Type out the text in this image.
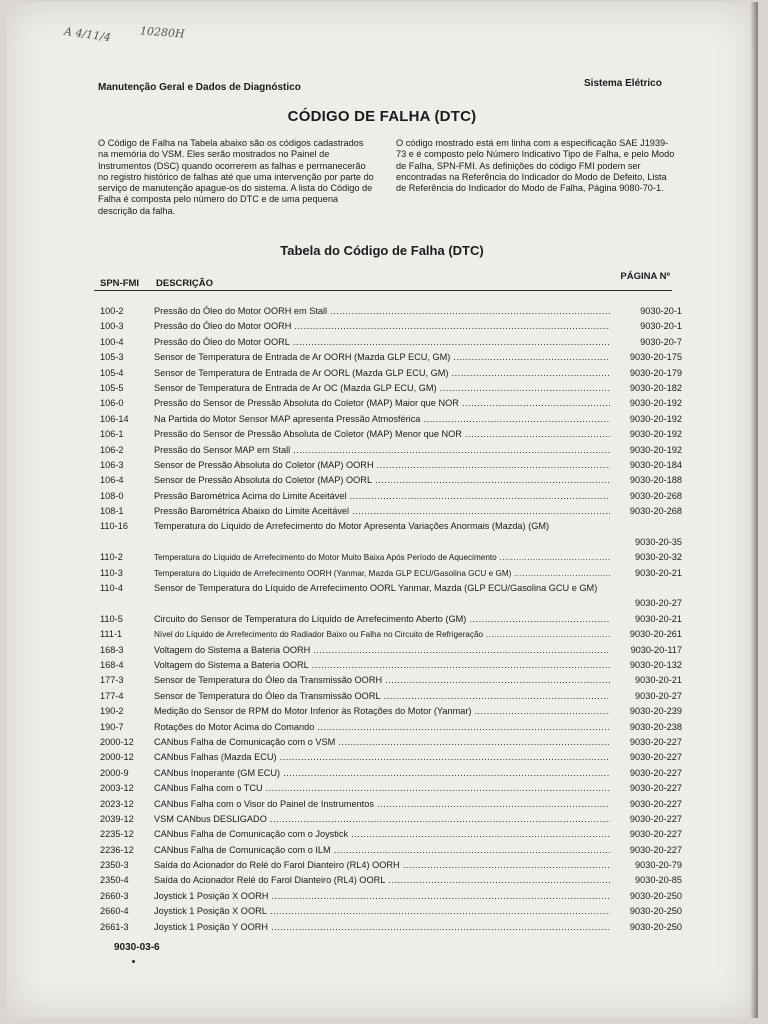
A 4/11/4	10280H
Manutenção Geral e Dados de Diagnóstico	Sistema Elétrico
CÓDIGO DE FALHA (DTC)
O Código de Falha na Tabela abaixo são os códigos cadastrados na memória do VSM. Eles serão mostrados no Painel de Instrumentos (DSC) quando ocorrerem as falhas e permanecerão no registro histórico de falhas até que uma intervenção por parte do serviço de manutenção apague-os do sistema. A lista do Código de Falha é composta pelo número do DTC e de uma pequena descrição da falha.
O código mostrado está em linha com a especificação SAE J1939-73 e é composto pelo Número Indicativo Tipo de Falha, e pelo Modo de Falha, SPN-FMI. As definições do código FMI podem ser encontradas na Referência do Indicador do Modo de Defeito, Lista de Referência do Indicador do Modo de Falha, Página 9080-70-1.
Tabela do Código de Falha (DTC)
SPN-FMI DESCRIÇÃO
PÁGINA Nº
100-2	Pressão do Óleo do Motor OORH em Stall .....	9030-20-1
100-3	Pressão do Óleo do Motor OORH .....	9030-20-1
100-4	Pressão do Óleo do Motor OORL .....	9030-20-7
105-3	Sensor de Temperatura de Entrada de Ar OORH (Mazda GLP ECU, GM) .....	9030-20-175
105-4	Sensor de Temperatura de Entrada de Ar OORL (Mazda GLP ECU, GM) .....	9030-20-179
105-5	Sensor de Temperatura de Entrada de Ar OC (Mazda GLP ECU, GM) .....	9030-20-182
106-0	Pressão do Sensor de Pressão Absoluta do Coletor (MAP) Maior que NOR .....	9030-20-192
106-14	Na Partida do Motor Sensor MAP apresenta Pressão Atmosférica .....	9030-20-192
106-1	Pressão do Sensor de Pressão Absoluta de Coletor (MAP) Menor que NOR .....	9030-20-192
106-2	Pressão do Sensor MAP em Stall .....	9030-20-192
106-3	Sensor de Pressão Absoluta do Coletor (MAP) OORH .....	9030-20-184
106-4	Sensor de Pressão Absoluta do Coletor (MAP) OORL .....	9030-20-188
108-0	Pressão Barométrica Acima do Limite Aceitável .....	9030-20-268
108-1	Pressão Barométrica Abaixo do Limite Aceitável .....	9030-20-268
110-16	Temperatura do Líquido de Arrefecimento do Motor Apresenta Variações Anormais (Mazda) (GM)
9030-20-35
110-2	Temperatura do Líquido de Arrefecimento do Motor Muito Baixa Após Período de Aquecimento .....	9030-20-32
110-3	Temperatura do Líquido de Arrefecimento OORH (Yanmar, Mazda GLP ECU/Gasolina GCU e GM) .....	9030-20-21
110-4	Sensor de Temperatura do Líquido de Arrefecimento OORL Yanmar, Mazda (GLP ECU/Gasolina GCU e GM)
9030-20-27
110-5	Circuito do Sensor de Temperatura do Líquido de Arrefecimento Aberto (GM) .....	9030-20-21
111-1	Nível do Líquido de Arrefecimento do Radiador Baixo ou Falha no Circuito de Refrigeração .....	9030-20-261
168-3	Voltagem do Sistema a Bateria OORH .....	9030-20-117
168-4	Voltagem do Sistema a Bateria OORL .....	9030-20-132
177-3	Sensor de Temperatura do Óleo da Transmissão OORH .....	9030-20-21
177-4	Sensor de Temperatura do Óleo da Transmissão OORL .....	9030-20-27
190-2	Medição do Sensor de RPM do Motor Inferior às Rotações do Motor (Yanmar) .....	9030-20-239
190-7	Rotações do Motor Acima do Comando .....	9030-20-238
2000-12	CANbus Falha de Comunicação com o VSM .....	9030-20-227
2000-12	CANbus Falhas (Mazda ECU) .....	9030-20-227
2000-9	CANbus Inoperante (GM ECU) .....	9030-20-227
2003-12	CANbus Falha com o TCU .....	9030-20-227
2023-12	CANbus Falha com o Visor do Painel de Instrumentos .....	9030-20-227
2039-12	VSM CANbus DESLIGADO .....	9030-20-227
2235-12	CANbus Falha de Comunicação com o Joystick .....	9030-20-227
2236-12	CANbus Falha de Comunicação com o ILM .....	9030-20-227
2350-3	Saída do Acionador do Relé do Farol Dianteiro (RL4) OORH .....	9030-20-79
2350-4	Saída do Acionador Relé do Farol Dianteiro (RL4) OORL .....	9030-20-85
2660-3	Joystick 1 Posição X OORH .....	9030-20-250
2660-4	Joystick 1 Posição X OORL .....	9030-20-250
2661-3	Joystick 1 Posição Y OORH .....	9030-20-250
9030-03-6
